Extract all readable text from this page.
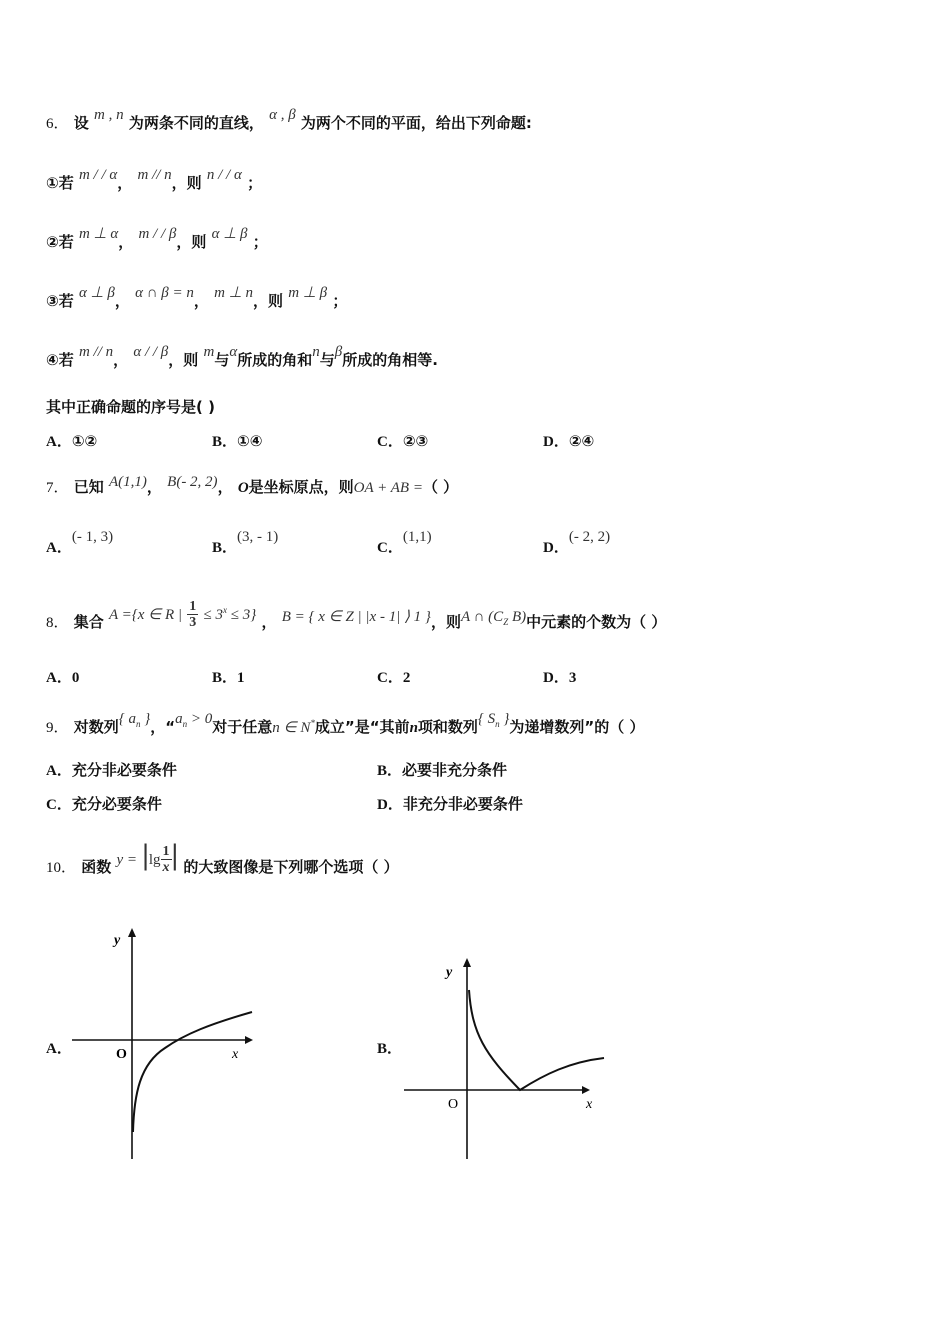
6． 设 m , n 为两条不同的直线， α , β 为两个不同的平面，给出下列命题:
①若 m / / α， m // n，则 n / / α ；
②若 m ⊥ α， m / / β，则 α ⊥ β ；
③若 α ⊥ β， α ∩ β = n， m ⊥ n，则 m ⊥ β ；
④若 m // n， α / / β，则 m与α所成的角和n与β所成的角相等.
其中正确命题的序号是( )
A．①②	B．①④	C．②③	D．②④
7． 已知 A(1,1)， B(- 2, 2)， O是坐标原点，则OA + AB =（ ）
A．(- 1, 3)
B．(3, - 1)
C．(1,1)
D．(- 2, 2)
8． 集合 A ={x ∈ R | $\frac{1}{3} \le 3^x \le 3$} ， B = { x ∈ Z | |x - 1| ⟩ 1 }，则A ∩ ($C_Z$ B)中元素的个数为（ ）
A．0	B．1	C．2	D．3
9． 对数列{ $a_n$ }，“$a_n > 0$对于任意n ∈ N*成立”是“其前n项和数列{ $S_n$ }为递增数列”的（ ）
A．充分非必要条件	B．必要非充分条件
C．充分必要条件	D．非充分非必要条件
10． 函数 $y = |\lg \frac{1}{x}$ | 的大致图像是下列哪个选项（ ）
A．
y
x
O	B．
y
x
O
